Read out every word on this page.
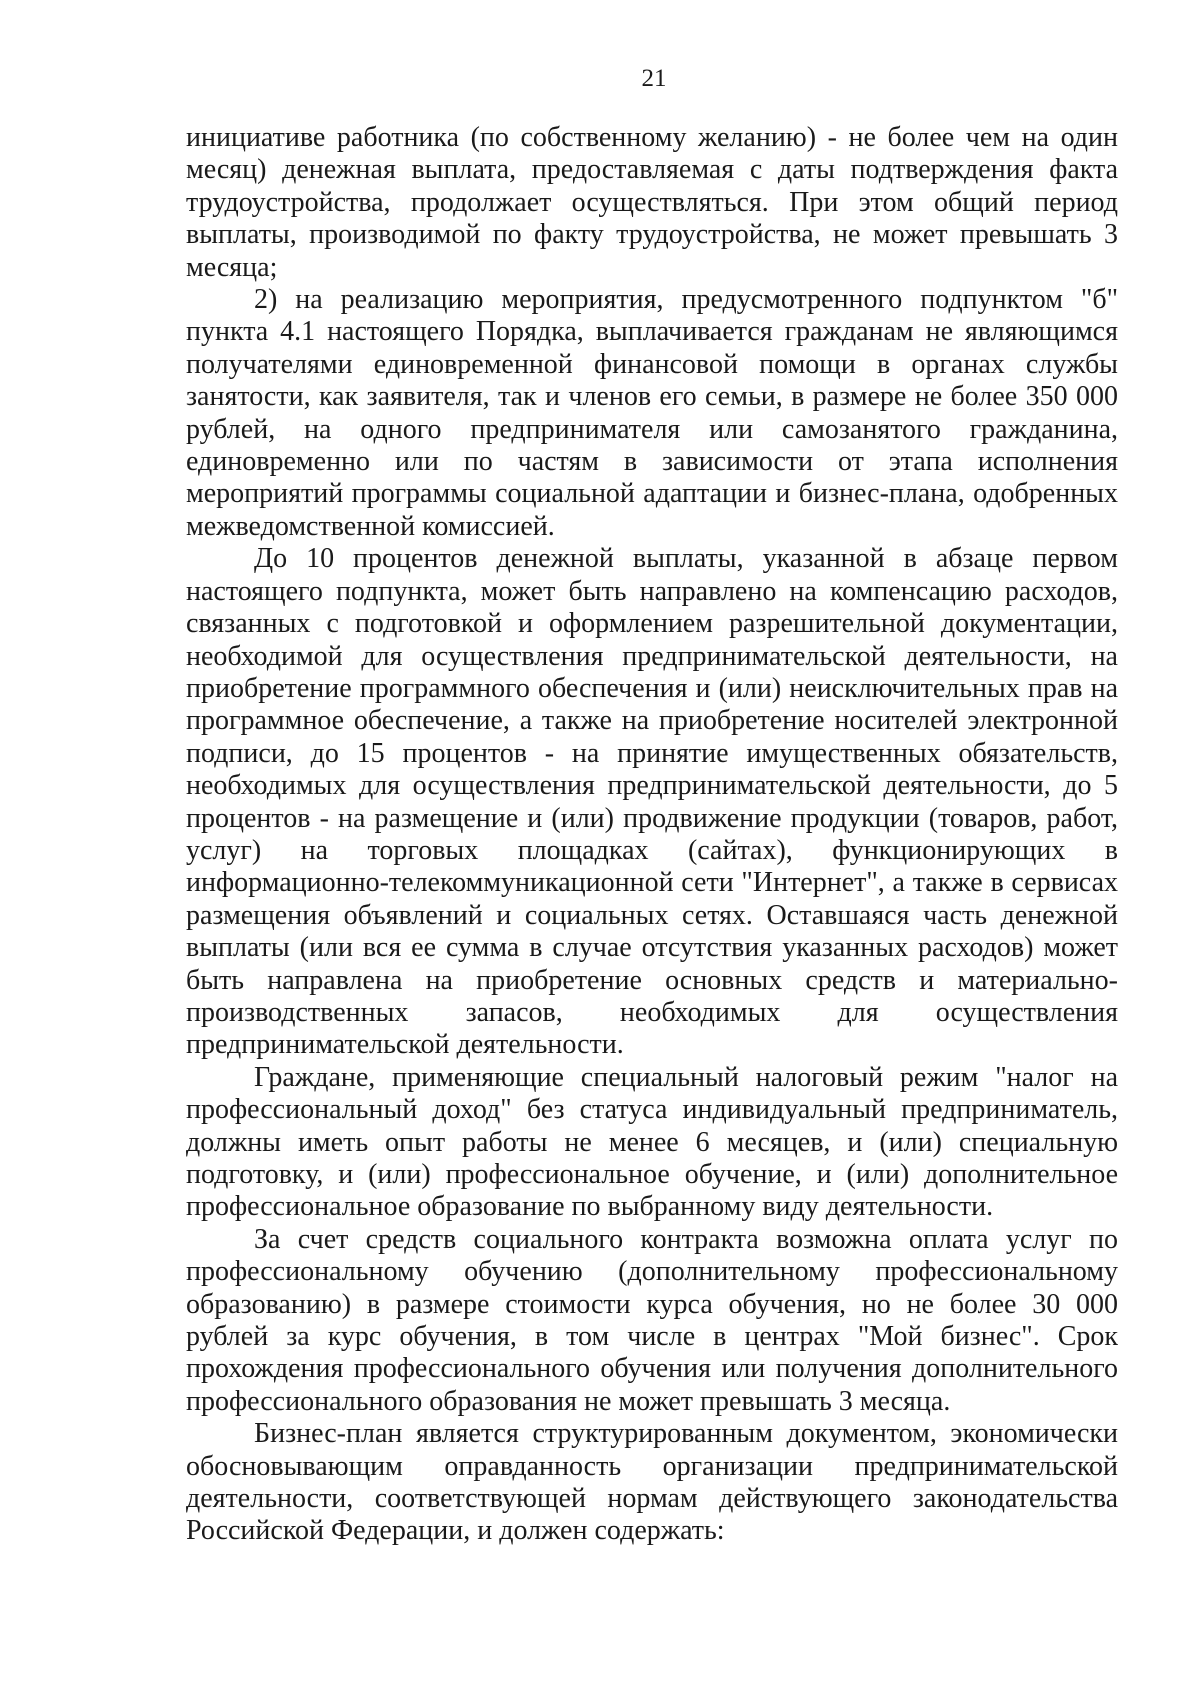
21

инициативе работника (по собственному желанию) - не более чем на один месяц) денежная выплата, предоставляемая с даты подтверждения факта трудоустройства, продолжает осуществляться. При этом общий период выплаты, производимой по факту трудоустройства, не может превышать 3 месяца;

2) на реализацию мероприятия, предусмотренного подпунктом "б" пункта 4.1 настоящего Порядка, выплачивается гражданам не являющимся получателями единовременной финансовой помощи в органах службы занятости, как заявителя, так и членов его семьи, в размере не более 350 000 рублей, на одного предпринимателя или самозанятого гражданина, единовременно или по частям в зависимости от этапа исполнения мероприятий программы социальной адаптации и бизнес-плана, одобренных межведомственной комиссией.

До 10 процентов денежной выплаты, указанной в абзаце первом настоящего подпункта, может быть направлено на компенсацию расходов, связанных с подготовкой и оформлением разрешительной документации, необходимой для осуществления предпринимательской деятельности, на приобретение программного обеспечения и (или) неисключительных прав на программное обеспечение, а также на приобретение носителей электронной подписи, до 15 процентов - на принятие имущественных обязательств, необходимых для осуществления предпринимательской деятельности, до 5 процентов - на размещение и (или) продвижение продукции (товаров, работ, услуг) на торговых площадках (сайтах), функционирующих в информационно-телекоммуникационной сети "Интернет", а также в сервисах размещения объявлений и социальных сетях. Оставшаяся часть денежной выплаты (или вся ее сумма в случае отсутствия указанных расходов) может быть направлена на приобретение основных средств и материально-производственных запасов, необходимых для осуществления предпринимательской деятельности.

Граждане, применяющие специальный налоговый режим "налог на профессиональный доход" без статуса индивидуальный предприниматель, должны иметь опыт работы не менее 6 месяцев, и (или) специальную подготовку, и (или) профессиональное обучение, и (или) дополнительное профессиональное образование по выбранному виду деятельности.

За счет средств социального контракта возможна оплата услуг по профессиональному обучению (дополнительному профессиональному образованию) в размере стоимости курса обучения, но не более 30 000 рублей за курс обучения, в том числе в центрах "Мой бизнес". Срок прохождения профессионального обучения или получения дополнительного профессионального образования не может превышать 3 месяца.

Бизнес-план является структурированным документом, экономически обосновывающим оправданность организации предпринимательской деятельности, соответствующей нормам действующего законодательства Российской Федерации, и должен содержать:
